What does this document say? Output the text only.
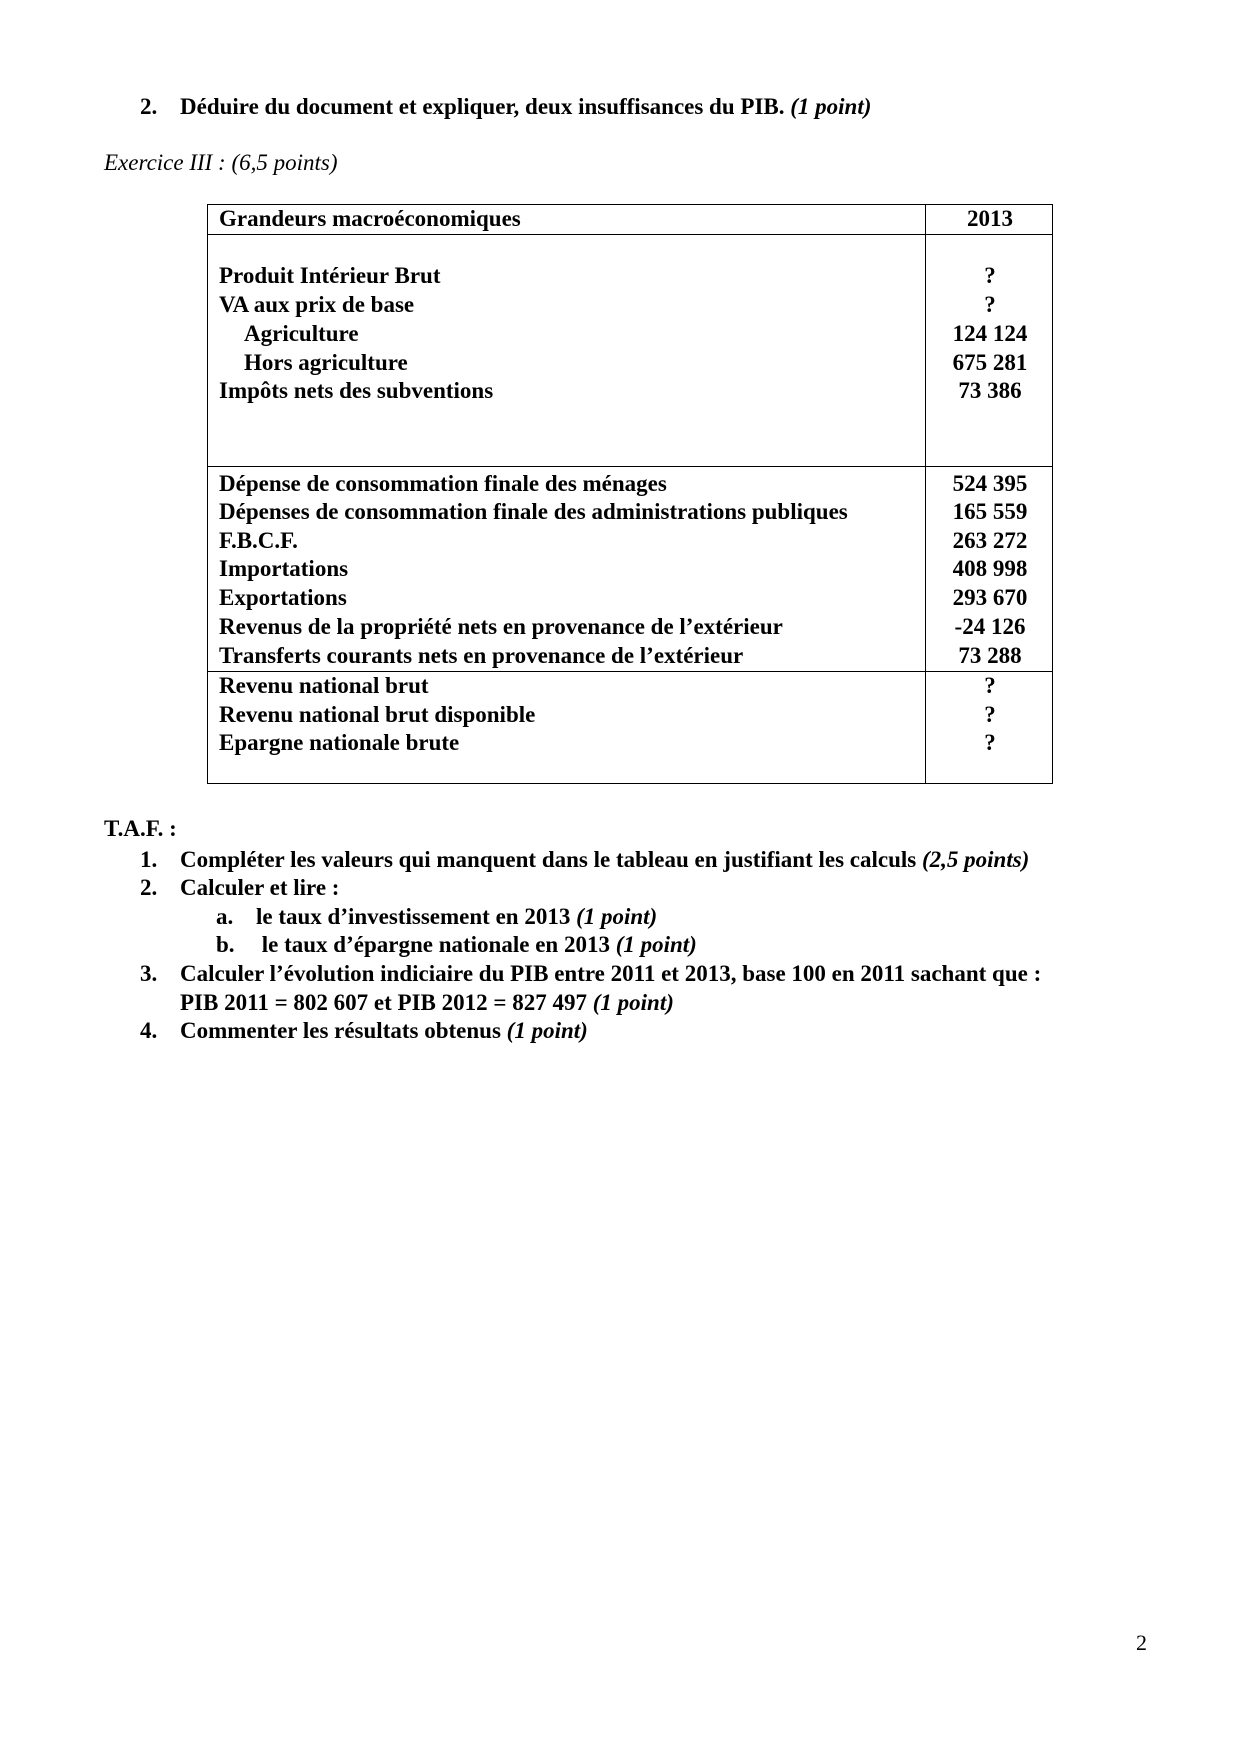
2. Déduire du document et expliquer, deux insuffisances du PIB. (1 point)
Exercice III : (6,5 points)
Grandeurs macroéconomiques	2013
Produit Intérieur Brut	?
VA aux prix de base	?
Agriculture	124 124
Hors agriculture	675 281
Impôts nets des subventions	73 386
Dépense de consommation finale des ménages	524 395
Dépenses de consommation finale des administrations publiques	165 559
F.B.C.F.	263 272
Importations	408 998
Exportations	293 670
Revenus de la propriété nets en provenance de l’extérieur	-24 126
Transferts courants nets en provenance de l’extérieur	73 288
Revenu national brut	?
Revenu national brut disponible	?
Epargne nationale brute	?
T.A.F. :
1. Compléter les valeurs qui manquent dans le tableau en justifiant les calculs (2,5 points)
2. Calculer et lire :
a. le taux d’investissement en 2013 (1 point)
b. le taux d’épargne nationale en 2013 (1 point)
3. Calculer l’évolution indiciaire du PIB entre 2011 et 2013, base 100 en 2011 sachant que :
PIB 2011 = 802 607 et PIB 2012 = 827 497 (1 point)
4. Commenter les résultats obtenus (1 point)
2
